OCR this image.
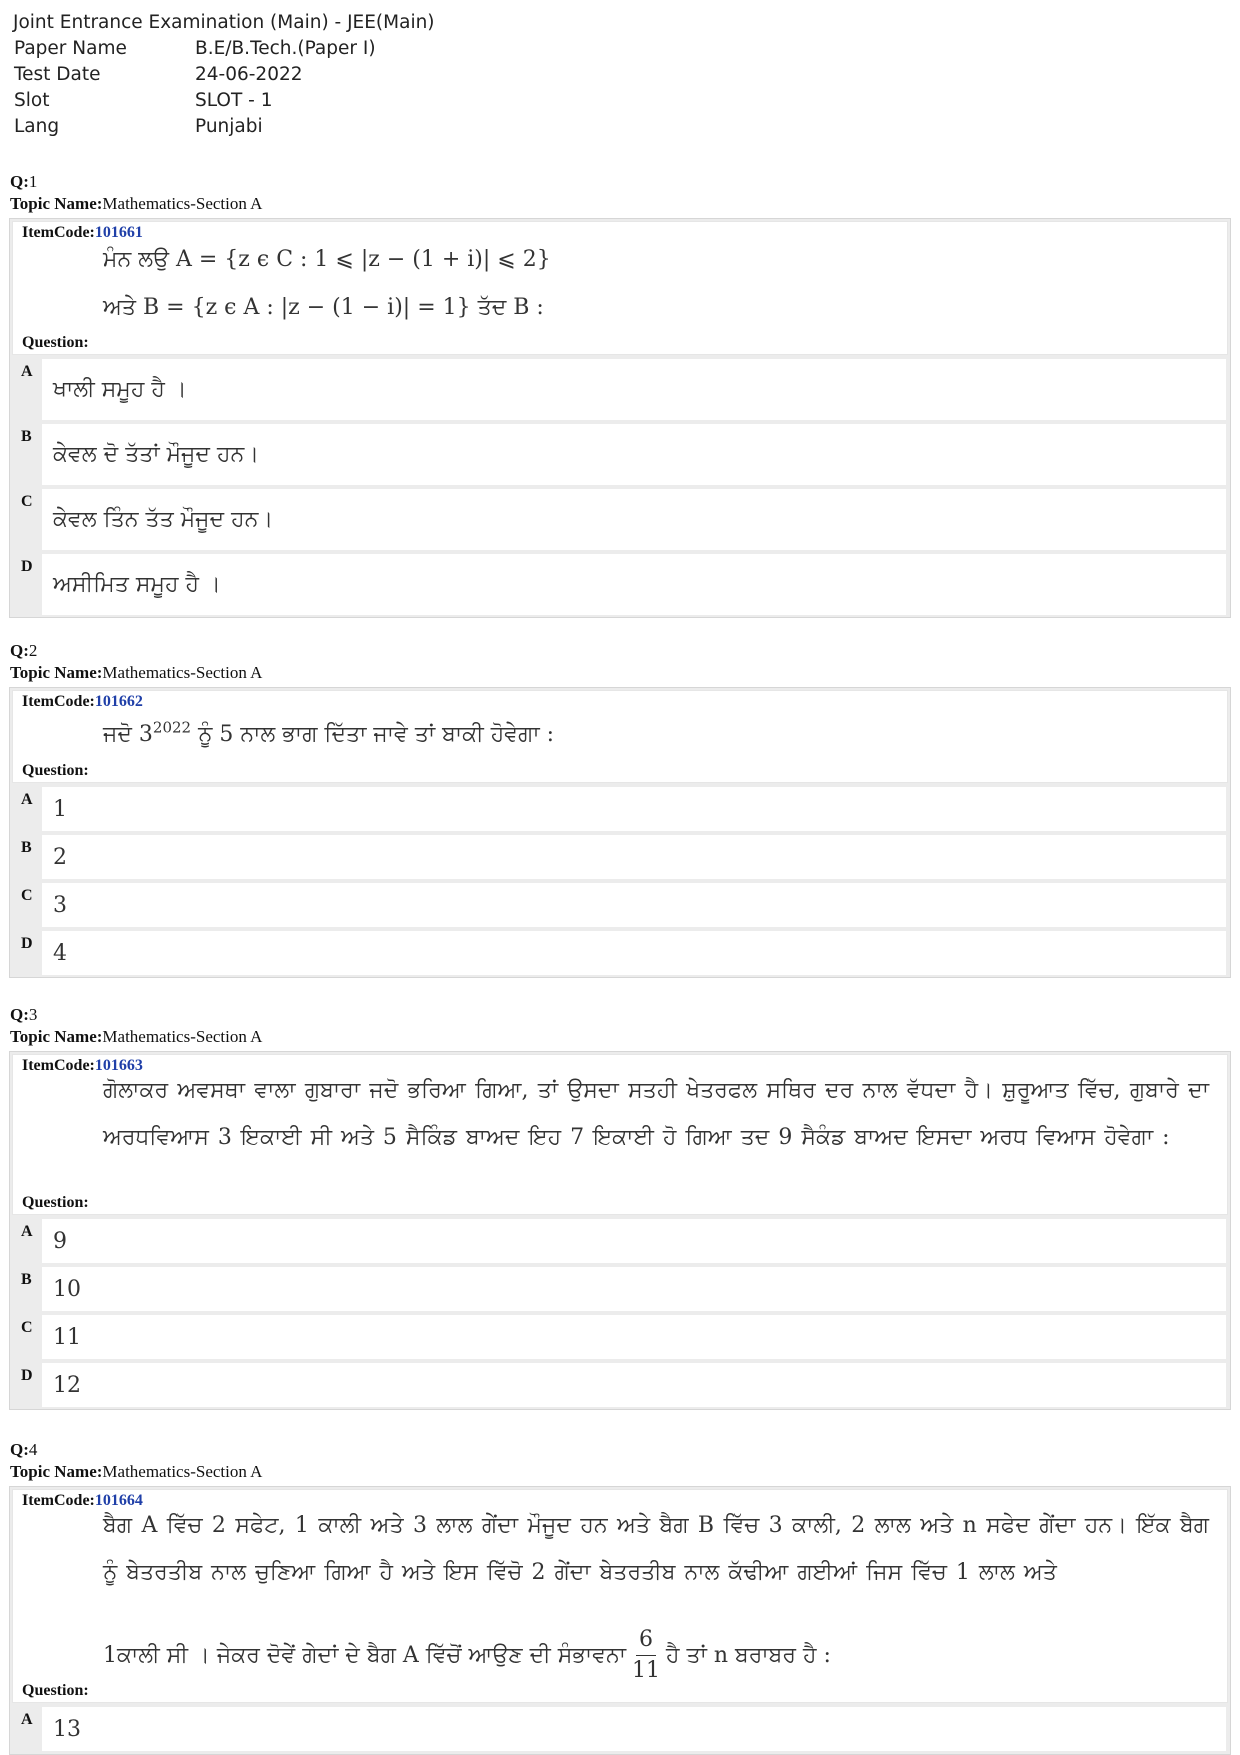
Joint Entrance Examination (Main) - JEE(Main)
Paper Name	B.E/B.Tech.(Paper I)
Test Date	24-06-2022
Slot	SLOT - 1
Lang	Punjabi
Q:1
Topic Name:Mathematics-Section A
ItemCode:101661
ਮੰਨ ਲਉ A = {z ϵ C : 1 ⩽ |z − (1 + i)| ⩽ 2}
ਅਤੇ B = {z ϵ A : |z − (1 − i)| = 1} ਤੱਦ B :
Question:
A
ਖਾਲੀ ਸਮੂਹ ਹੈ ।
B
ਕੇਵਲ ਦੋ ਤੱਤਾਂ ਮੌਜੂਦ ਹਨ।
C
ਕੇਵਲ ਤਿੰਨ ਤੱਤ ਮੌਜੂਦ ਹਨ।
D
ਅਸੀਮਿਤ ਸਮੂਹ ਹੈ ।
Q:2
Topic Name:Mathematics-Section A
ItemCode:101662
ਜਦੋ $3^{2022}$ ਨੂੰ 5 ਨਾਲ ਭਾਗ ਦਿੱਤਾ ਜਾਵੇ ਤਾਂ ਬਾਕੀ ਹੋਵੇਗਾ :
Question:
A 1
B 2
C 3
D 4
Q:3
Topic Name:Mathematics-Section A
ItemCode:101663
ਗੋਲਾਕਰ ਅਵਸਥਾ ਵਾਲਾ ਗੁਬਾਰਾ ਜਦੋ ਭਰਿਆ ਗਿਆ, ਤਾਂ ਉਸਦਾ ਸਤਹੀ ਖੇਤਰਫਲ ਸਥਿਰ ਦਰ ਨਾਲ ਵੱਧਦਾ ਹੈ। ਸ਼ੁਰੂਆਤ ਵਿੱਚ, ਗੁਬਾਰੇ ਦਾ ਅਰਧਵਿਆਸ 3 ਇਕਾਈ ਸੀ ਅਤੇ 5 ਸੈਕਿੰਡ ਬਾਅਦ ਇਹ 7 ਇਕਾਈ ਹੋ ਗਿਆ ਤਦ 9 ਸੈਕੰਡ ਬਾਅਦ ਇਸਦਾ ਅਰਧ ਵਿਆਸ ਹੋਵੇਗਾ :
Question:
A 9
B 10
C 11
D 12
Q:4
Topic Name:Mathematics-Section A
ItemCode:101664
ਬੈਗ A ਵਿੱਚ 2 ਸਫੇਟ, 1 ਕਾਲੀ ਅਤੇ 3 ਲਾਲ ਗੇਂਦਾ ਮੌਜੂਦ ਹਨ ਅਤੇ ਬੈਗ B ਵਿੱਚ 3 ਕਾਲੀ, 2 ਲਾਲ ਅਤੇ n ਸਫੇਦ ਗੇਂਦਾ ਹਨ। ਇੱਕ ਬੈਗ ਨੂੰ ਬੇਤਰਤੀਬ ਨਾਲ ਚੁਣਿਆ ਗਿਆ ਹੈ ਅਤੇ ਇਸ ਵਿੱਚੋ 2 ਗੇਂਦਾ ਬੇਤਰਤੀਬ ਨਾਲ ਕੱਢੀਆ ਗਈਆਂ ਜਿਸ ਵਿੱਚ 1 ਲਾਲ ਅਤੇ
1ਕਾਲੀ ਸੀ । ਜੇਕਰ ਦੋਵੇਂ ਗੇਦਾਂ ਦੇ ਬੈਗ A ਵਿੱਚੋਂ ਆਉਣ ਦੀ ਸੰਭਾਵਨਾ $\frac{6}{11}$ ਹੈ ਤਾਂ n ਬਰਾਬਰ ਹੈ :
Question:
A 13
